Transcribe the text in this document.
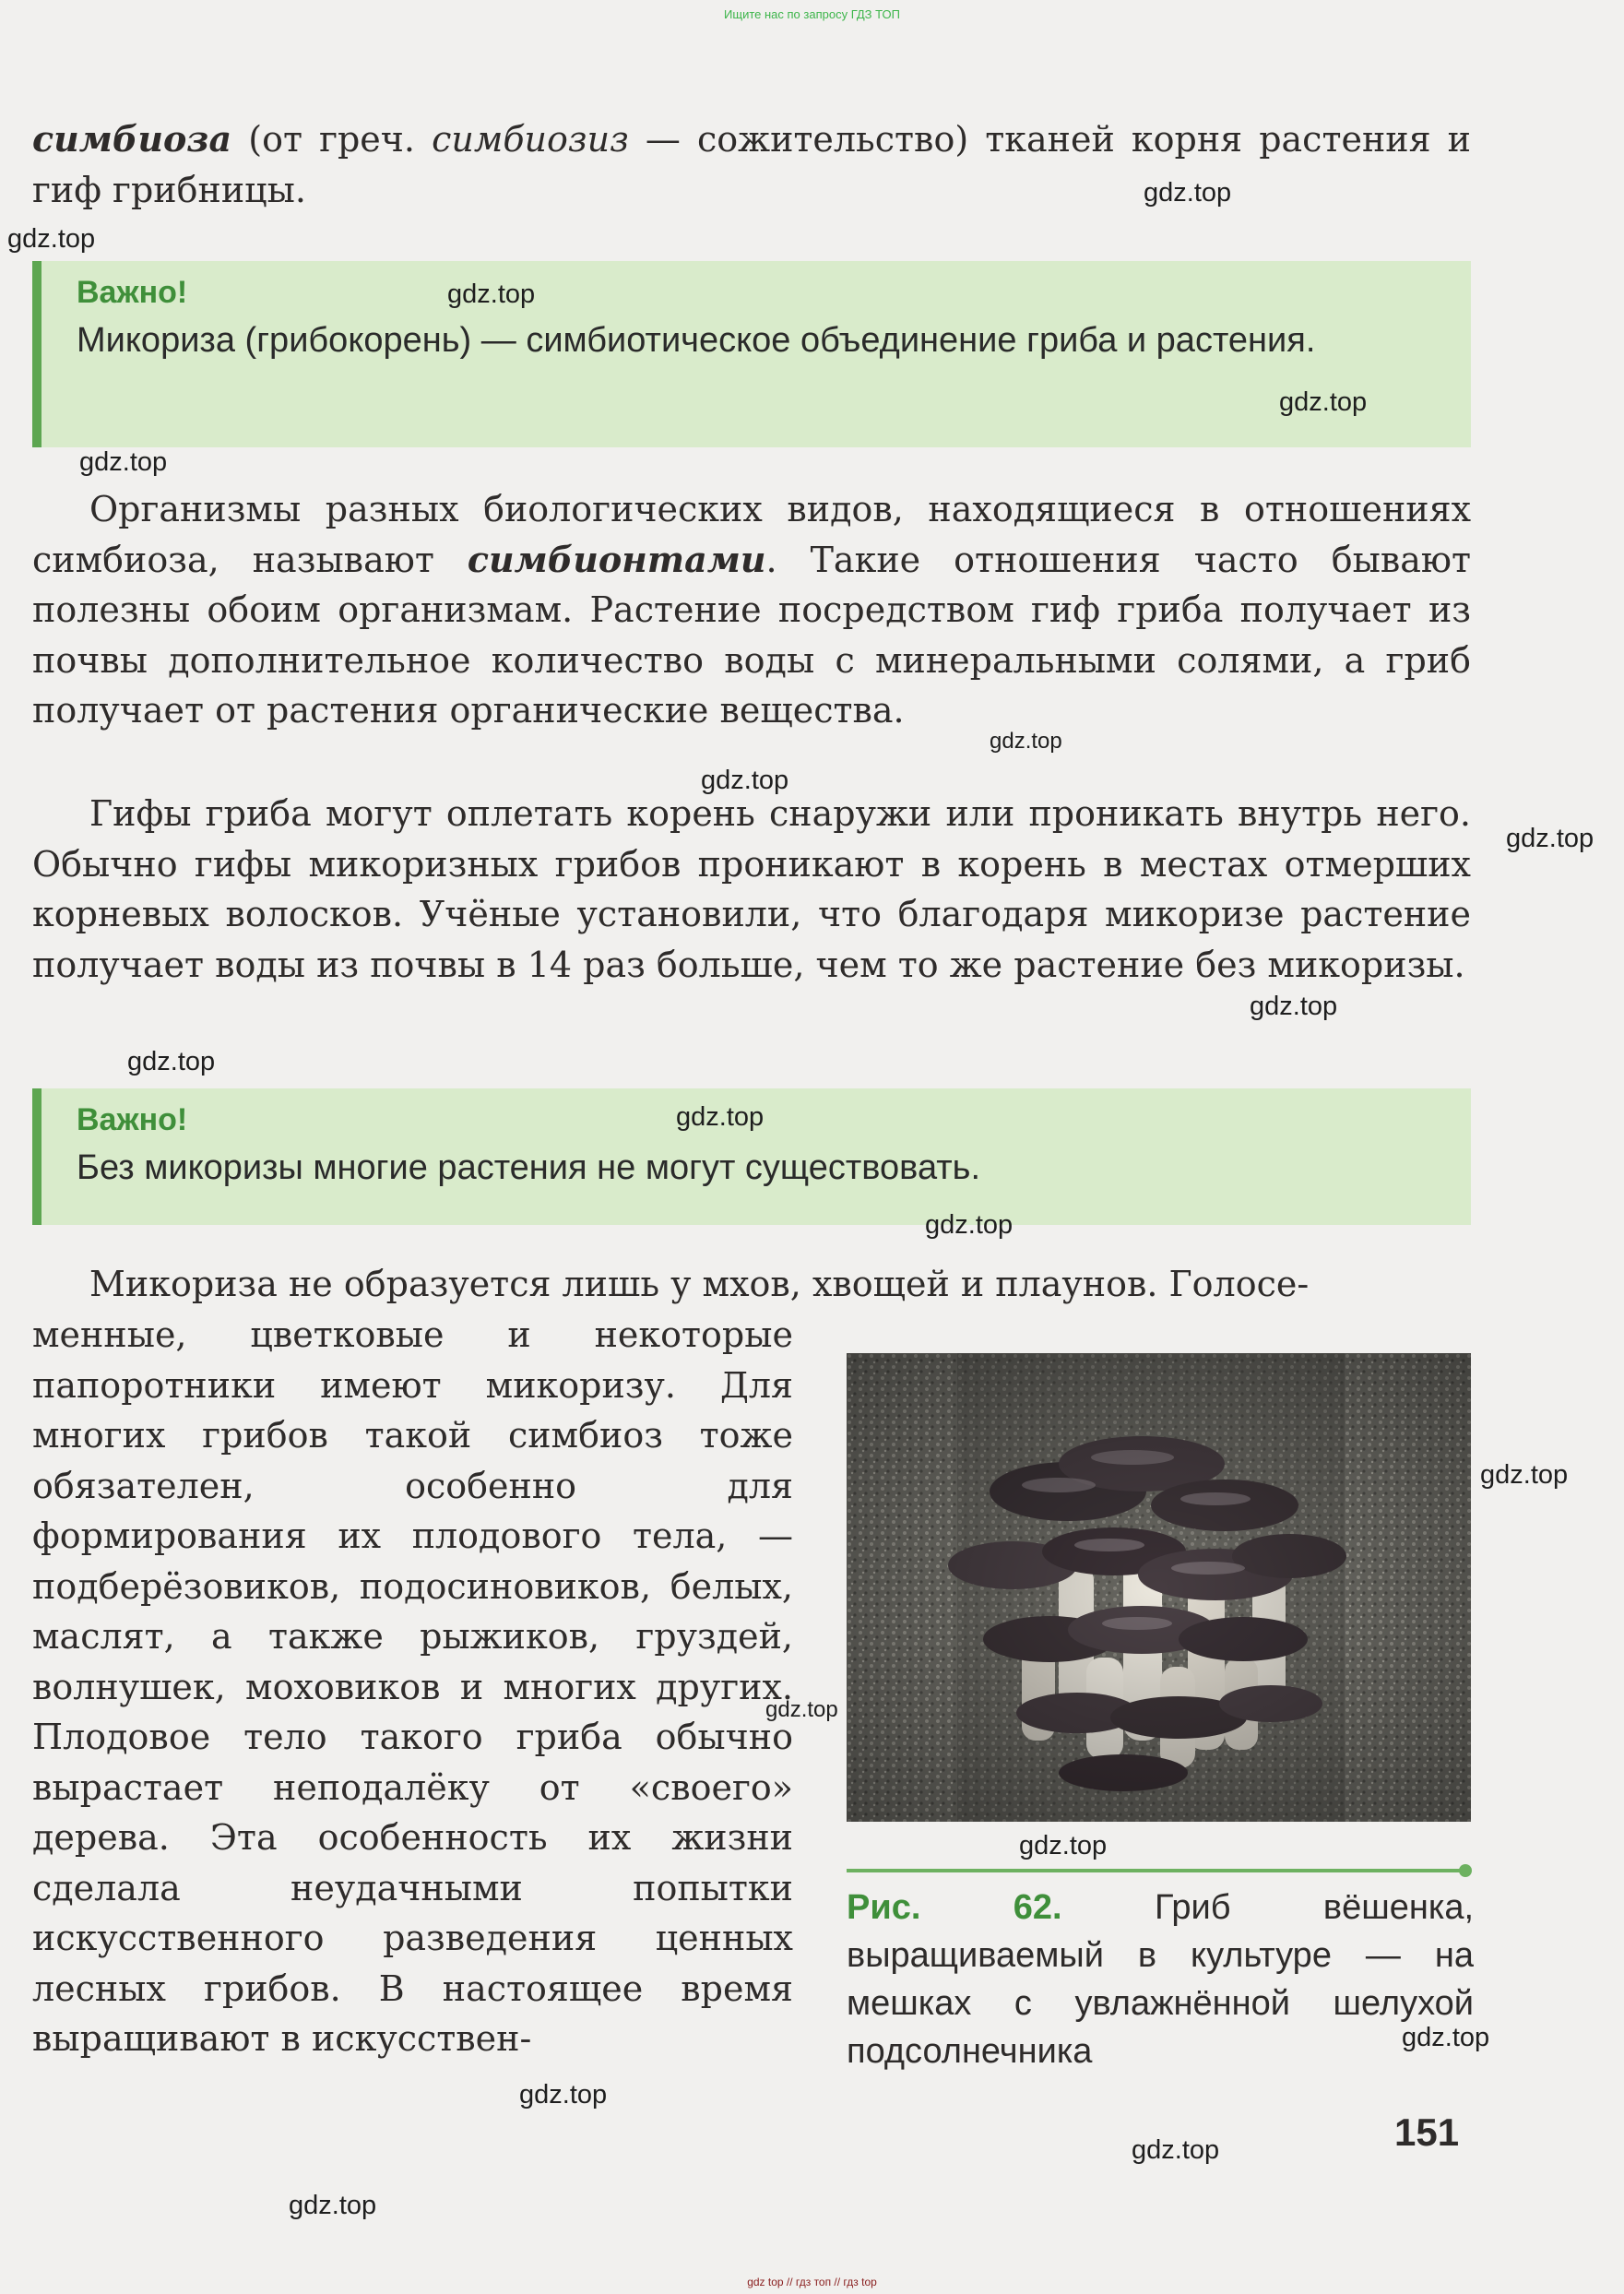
Ищите нас по запросу ГДЗ ТОП

симбиоза (от греч. симбиозиз — сожительство) тканей корня растения и гиф грибницы.

Важно!
Микориза (грибокорень) — симбиотическое объединение гриба и растения.

Организмы разных биологических видов, находящиеся в отношениях симбиоза, называют симбионтами. Такие отношения часто бывают полезны обоим организмам. Растение посредством гиф гриба получает из почвы дополнительное количество воды с минеральными солями, а гриб получает от растения органические вещества.

Гифы гриба могут оплетать корень снаружи или проникать внутрь него. Обычно гифы микоризных грибов проникают в корень в местах отмерших корневых волосков. Учёные установили, что благодаря микоризе растение получает воды из почвы в 14 раз больше, чем то же растение без микоризы.

Важно!
Без микоризы многие растения не могут существовать.

Микориза не образуется лишь у мхов, хвощей и плаунов. Голосе-

менные, цветковые и некоторые папоротники имеют микоризу. Для многих грибов такой симбиоз тоже обязателен, особенно для формирования их плодового тела, — подберёзовиков, подосиновиков, белых, маслят, а также рыжиков, груздей, волнушек, моховиков и многих других. Плодовое тело такого гриба обычно вырастает неподалёку от «своего» дерева. Эта особенность их жизни сделала неудачными попытки искусственного разведения ценных лесных грибов. В настоящее время выращивают в искусствен-

Рис. 62. Гриб вёшенка, выращиваемый в культуре — на мешках с увлажнённой шелухой подсолнечника
151
gdz.top
gdz.top
gdz.top
gdz.top
gdz.top
gdz.top
gdz.top
gdz.top
gdz.top
gdz.top
gdz.top
gdz.top
gdz.top
gdz.top
gdz.top
gdz.top
gdz.top
gdz.top
gdz.top
gdz top // гдз топ // гдз top
